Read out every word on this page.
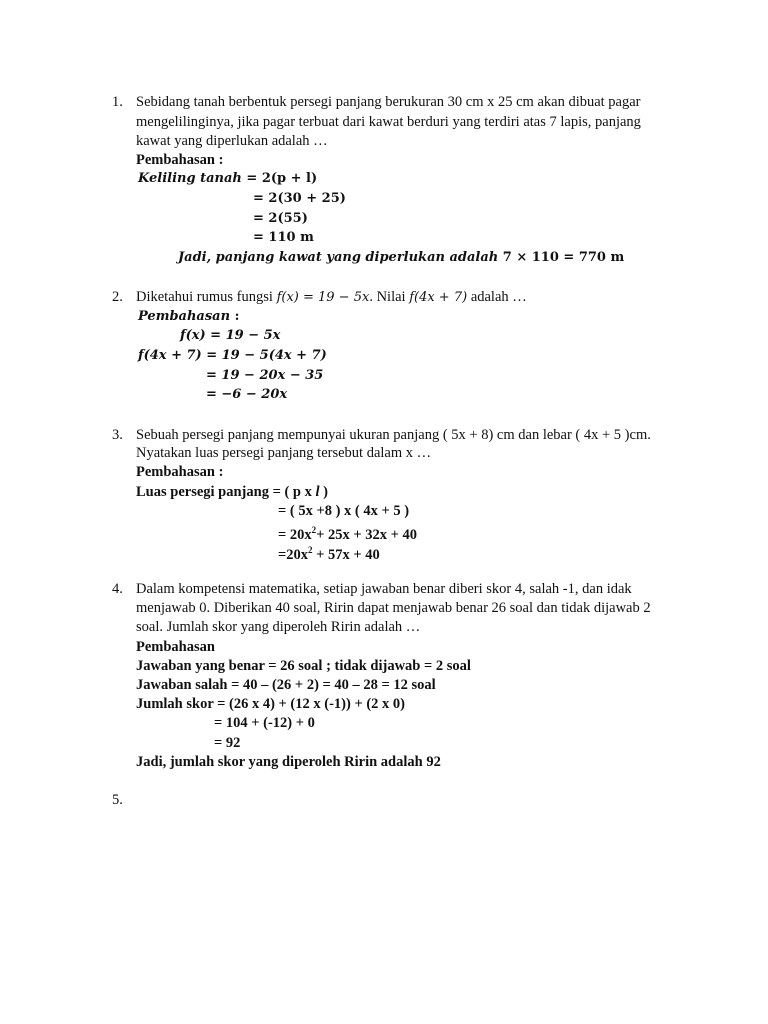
1. Sebidang tanah berbentuk persegi panjang berukuran 30 cm x 25 cm akan dibuat pagar
mengelilinginya, jika pagar terbuat dari kawat berduri yang terdiri atas 7 lapis, panjang
kawat yang diperlukan adalah …
Pembahasan :
Keliling tanah = 2(p + l)
= 2(30 + 25)
= 2(55)
= 110 m
Jadi, panjang kawat yang diperlukan adalah 7 × 110 = 770 m
2. Diketahui rumus fungsi f(x) = 19 − 5x. Nilai f(4x + 7) adalah …
Pembahasan :
f(x) = 19 − 5x
f(4x + 7) = 19 − 5(4x + 7)
= 19 − 20x − 35
= −6 − 20x
3. Sebuah persegi panjang mempunyai ukuran panjang ( 5x + 8) cm dan lebar ( 4x + 5 )cm.
Nyatakan luas persegi panjang tersebut dalam x …
Pembahasan :
Luas persegi panjang = ( p x l )
= ( 5x +8 ) x ( 4x + 5 )
= $20x^2+ 25x + 32x + 40$
$=20x^2 + 57x + 40$
4. Dalam kompetensi matematika, setiap jawaban benar diberi skor 4, salah -1, dan idak
menjawab 0. Diberikan 40 soal, Ririn dapat menjawab benar 26 soal dan tidak dijawab 2
soal. Jumlah skor yang diperoleh Ririn adalah …
Pembahasan
Jawaban yang benar = 26 soal ; tidak dijawab = 2 soal
Jawaban salah = 40 – (26 + 2) = 40 – 28 = 12 soal
Jumlah skor = (26 x 4) + (12 x (-1)) + (2 x 0)
= 104 + (-12) + 0
= 92
Jadi, jumlah skor yang diperoleh Ririn adalah 92
5.
